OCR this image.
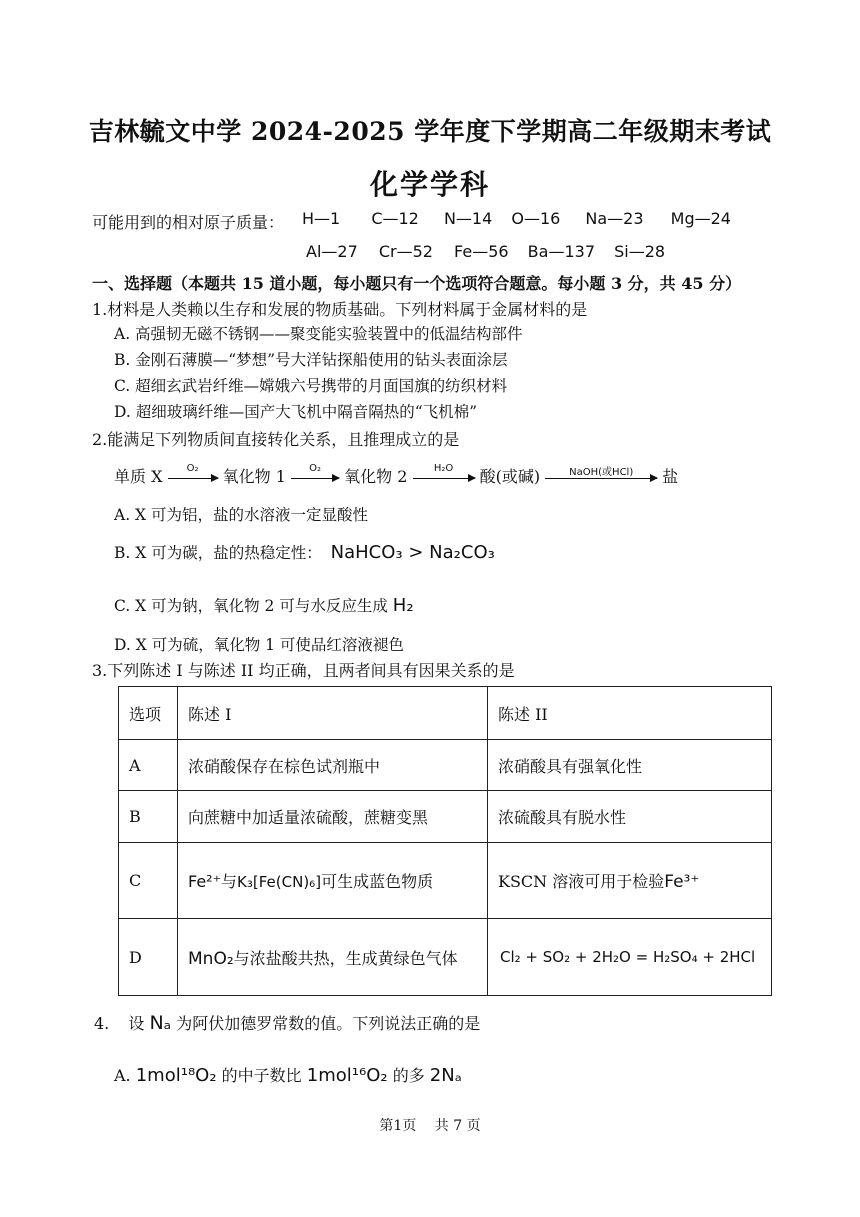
吉林毓文中学 2024-2025 学年度下学期高二年级期末考试
化学学科
可能用到的相对原子质量： H—1 C—12 N—14 O—16 Na—23 Mg—24
Al—27 Cr—52 Fe—56 Ba—137 Si—28
一、选择题（本题共 15 道小题，每小题只有一个选项符合题意。每小题 3 分，共 45 分）
1.材料是人类赖以生存和发展的物质基础。下列材料属于金属材料的是
A. 高强韧无磁不锈钢——聚变能实验装置中的低温结构部件
B. 金刚石薄膜—“梦想”号大洋钻探船使用的钻头表面涂层
C. 超细玄武岩纤维—嫦娥六号携带的月面国旗的纺织材料
D. 超细玻璃纤维—国产大飞机中隔音隔热的“飞机棉”
2.能满足下列物质间直接转化关系，且推理成立的是
单质 X	O₂	氧化物 1	O₂	氧化物 2	H₂O	酸(或碱)	NaOH(或HCl)	盐
A. X 可为铝，盐的水溶液一定显酸性
B. X 可为碳，盐的热稳定性： NaHCO₃ > Na₂CO₃
C. X 可为钠，氧化物 2 可与水反应生成 H₂
D. X 可为硫，氧化物 1 可使品红溶液褪色
3.下列陈述 I 与陈述 II 均正确，且两者间具有因果关系的是
选项	陈述 I	陈述 II
A	浓硝酸保存在棕色试剂瓶中	浓硝酸具有强氧化性
B	向蔗糖中加适量浓硫酸，蔗糖变黑	浓硫酸具有脱水性
C	Fe²⁺与K₃[Fe(CN)₆]可生成蓝色物质	KSCN 溶液可用于检验Fe³⁺
D	MnO₂与浓盐酸共热，生成黄绿色气体	Cl₂ + SO₂ + 2H₂O = H₂SO₄ + 2HCl
4. 设 Nₐ 为阿伏加德罗常数的值。下列说法正确的是
A. 1mol¹⁸O₂ 的中子数比 1mol¹⁶O₂ 的多 2Nₐ
第1页 共 7 页
